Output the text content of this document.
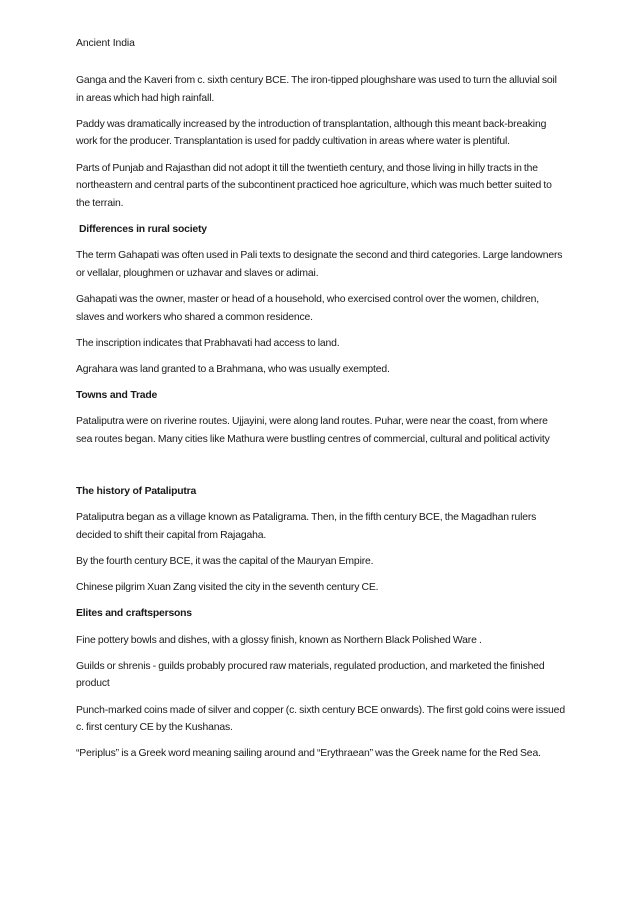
Ancient India

Ganga and the Kaveri from c. sixth century BCE. The iron-tipped ploughshare was used to turn the alluvial soil in areas which had high rainfall.

Paddy was dramatically increased by the introduction of transplantation, although this meant back-breaking work for the producer. Transplantation is used for paddy cultivation in areas where water is plentiful.

Parts of Punjab and Rajasthan did not adopt it till the twentieth century, and those living in hilly tracts in the northeastern and central parts of the subcontinent practiced hoe agriculture, which was much better suited to the terrain.

Differences in rural society

The term Gahapati was often used in Pali texts to designate the second and third categories. Large landowners or vellalar, ploughmen or uzhavar and slaves or adimai.

Gahapati was the owner, master or head of a household, who exercised control over the women, children, slaves and workers who shared a common residence.

The inscription indicates that Prabhavati had access to land.

Agrahara was land granted to a Brahmana, who was usually exempted.

Towns and Trade

Pataliputra were on riverine routes. Ujjayini, were along land routes. Puhar, were near the coast, from where sea routes began. Many cities like Mathura were bustling centres of commercial, cultural and political activity

The history of Pataliputra

Pataliputra began as a village known as Pataligrama. Then, in the fifth century BCE, the Magadhan rulers decided to shift their capital from Rajagaha.

By the fourth century BCE, it was the capital of the Mauryan Empire.

Chinese pilgrim Xuan Zang visited the city in the seventh century CE.

Elites and craftspersons

Fine pottery bowls and dishes, with a glossy finish, known as Northern Black Polished Ware .

Guilds or shrenis - guilds probably procured raw materials, regulated production, and marketed the finished product

Punch-marked coins made of silver and copper (c. sixth century BCE onwards). The first gold coins were issued c. first century CE by the Kushanas.

“Periplus” is a Greek word meaning sailing around and “Erythraean” was the Greek name for the Red Sea.
